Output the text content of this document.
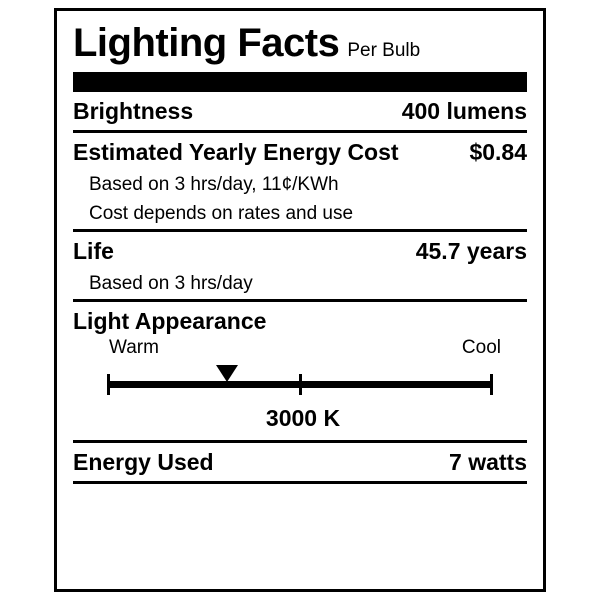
Lighting Facts Per Bulb
Brightness	400 lumens
Estimated Yearly Energy Cost	$0.84
Based on 3 hrs/day, 11¢/KWh
Cost depends on rates and use
Life	45.7 years
Based on 3 hrs/day
Light Appearance
Warm	Cool
3000 K
Energy Used	7 watts
